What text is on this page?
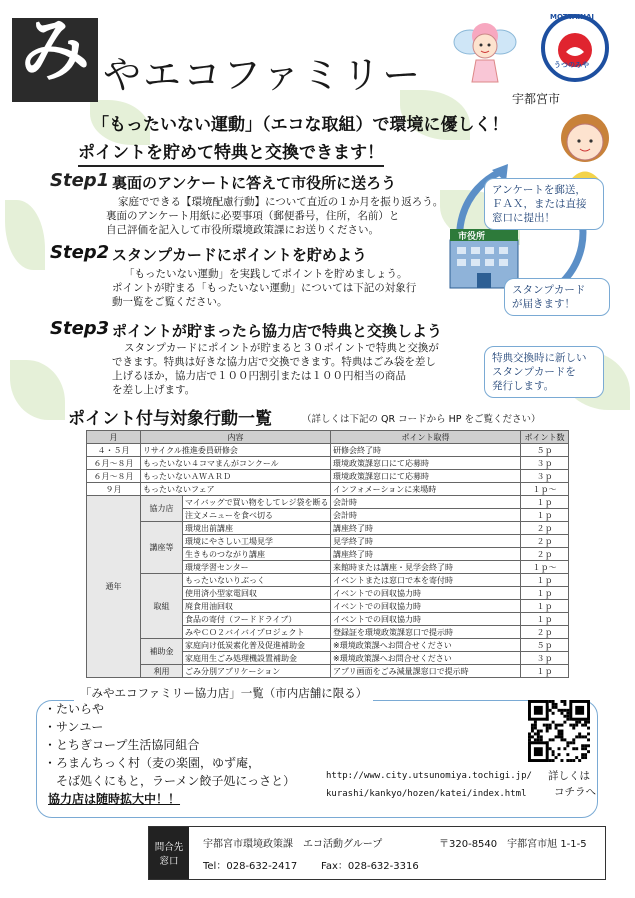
み やエコファミリー
MOTTAINAI
うつのみや
宇都宮市
「もったいない運動」（エコな取組）で環境に優しく！
ポイントを貯めて特典と交換できます！
Step1 裏面のアンケートに答えて市役所に送ろう
家庭でできる【環境配慮行動】について直近の１か月を振り返ろう。
裏面のアンケート用紙に必要事項（郵便番号，住所，名前）と
自己評価を記入して市役所環境政策課にお送りください。
Step2 スタンプカードにポイントを貯めよう
「もったいない運動」を実践してポイントを貯めましょう。
ポイントが貯まる「もったいない運動」については下記の対象行
動一覧をご覧ください。
Step3 ポイントが貯まったら協力店で特典と交換しよう
スタンプカードにポイントが貯まると３０ポイントで特典と交換が
できます。特典は好きな協力店で交換できます。特典はごみ袋を差し
上げるほか，協力店で１００円割引または１００円相当の商品
を差し上げます。
市役所
アンケートを郵送，
ＦＡＸ，または直接
窓口に提出！
スタンプカード
が届きます！
特典交換時に新しい
スタンプカードを
発行します。
ポイント付与対象行動一覧	（詳しくは下記の QR コードから HP をご覧ください）
月	内容		ポイント取得	ポイント数
４・５月	リサイクル推進委員研修会		研修会終了時	５ｐ
６月～８月	もったいない４コマまんがコンクール		環境政策課窓口にて応募時	３ｐ
６月～８月	もったいないＡＷＡＲＤ		環境政策課窓口にて応募時	３ｐ
９月	もったいないフェア		インフォメーションに来場時	１ｐ～
通年	協力店	マイバッグで買い物をしてレジ袋を断る	会計時	１ｐ
		注文メニューを食べ切る	会計時	１ｐ
	講座等	環境出前講座	講座終了時	２ｐ
		環境にやさしい工場見学	見学終了時	２ｐ
		生きものつながり講座	講座終了時	２ｐ
		環境学習センター	来館時または講座・見学会終了時	１ｐ～
	取組	もったいないりぶっく	イベントまたは窓口で本を寄付時	１ｐ
		使用済小型家電回収	イベントでの回収協力時	１ｐ
		廃食用油回収	イベントでの回収協力時	１ｐ
		食品の寄付（フードドライブ）	イベントでの回収協力時	１ｐ
		みやＣＯ２バイバイプロジェクト	登録証を環境政策課窓口で提示時	２ｐ
	補助金	家庭向け低炭素化普及促進補助金	※環境政策課へお問合せください	５ｐ
		家庭用生ごみ処理機設置補助金	※環境政策課へお問合せください	３ｐ
	利用	ごみ分別アプリケーション	アプリ画面をごみ減量課窓口で提示時	１ｐ
「みやエコファミリー協力店」一覧（市内店舗に限る）
・たいらや
・サンユー
・とちぎコープ生活協同組合
・ろまんちっく村（麦の楽園，ゆず庵，
　そば処くにもと，ラーメン餃子処にっさと）
協力店は随時拡大中！！
http://www.city.utsunomiya.tochigi.jp/
kurashi/kankyo/hozen/katei/index.html
詳しくは
コチラへ
問合先
窓口
宇都宮市環境政策課　エコ活動グループ	〒320-8540　宇都宮市旭 1-1-5
Tel：028-632-2417 Fax：028-632-3316
